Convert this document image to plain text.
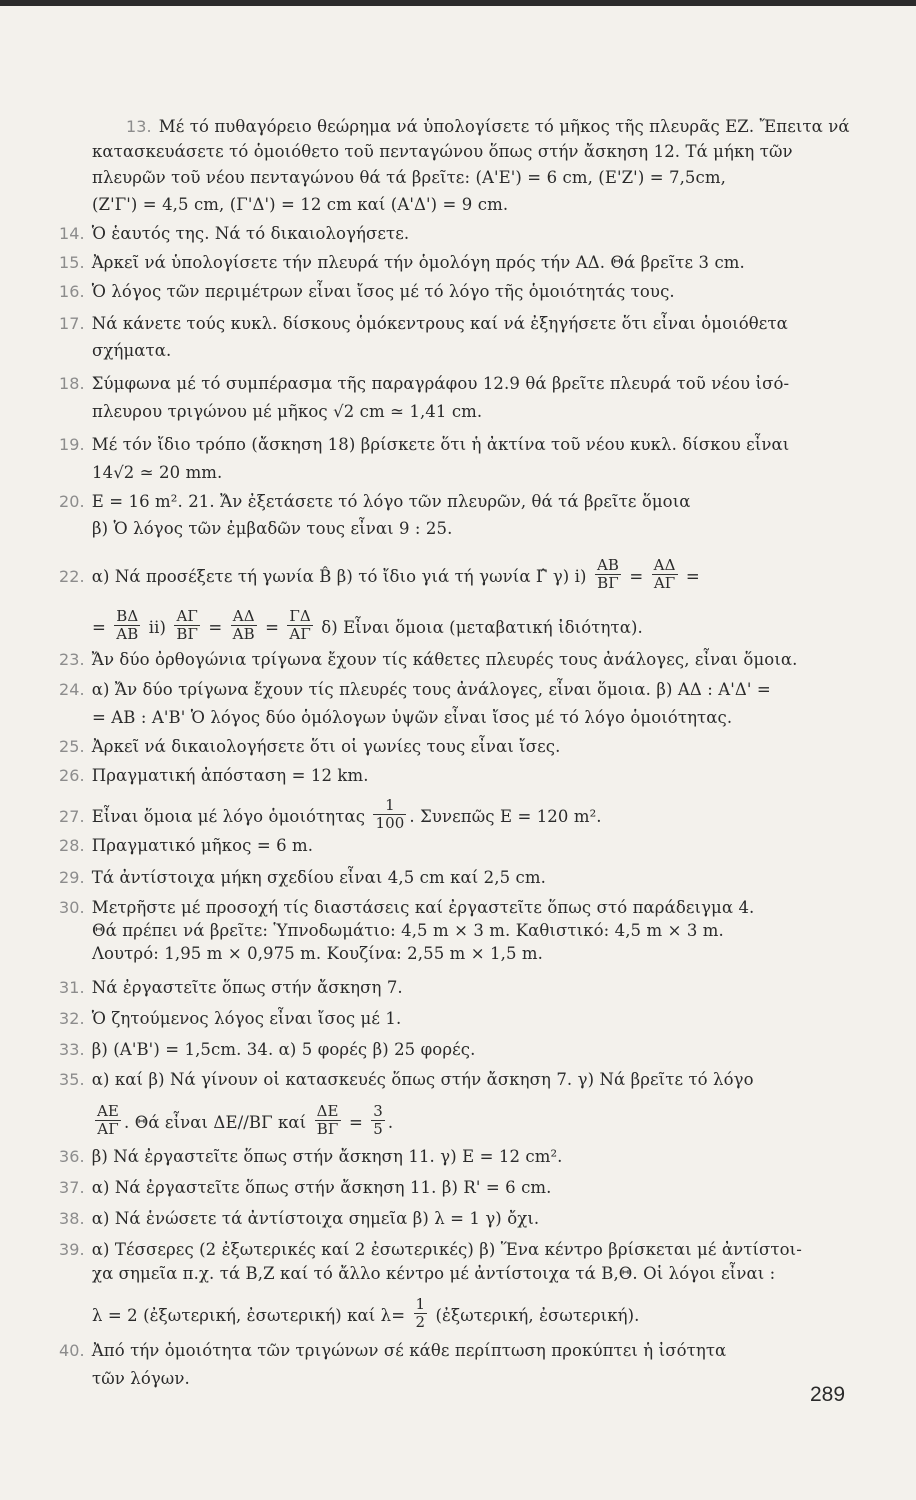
13. Μέ τό πυθαγόρειο θεώρημα νά ὑπολογίσετε τό μῆκος τῆς πλευρᾶς ΕΖ. Ἔπειτα νά
κατασκευάσετε τό ὁμοιόθετο τοῦ πενταγώνου ὅπως στήν ἄσκηση 12. Τά μήκη τῶν
πλευρῶν τοῦ νέου πενταγώνου θά τά βρεῖτε: (Α'Ε') = 6 cm, (Ε'Ζ') = 7,5cm,
(Ζ'Γ') = 4,5 cm, (Γ'Δ') = 12 cm καί (Α'Δ') = 9 cm.
14. Ὁ ἑαυτός της. Νά τό δικαιολογήσετε.
15. Ἀρκεῖ νά ὑπολογίσετε τήν πλευρά τήν ὁμολόγη πρός τήν ΑΔ. Θά βρεῖτε 3 cm.
16. Ὁ λόγος τῶν περιμέτρων εἶναι ἴσος μέ τό λόγο τῆς ὁμοιότητάς τους.
17. Νά κάνετε τούς κυκλ. δίσκους ὁμόκεντρους καί νά ἐξηγήσετε ὅτι εἶναι ὁμοιόθετα
σχήματα.
18. Σύμφωνα μέ τό συμπέρασμα τῆς παραγράφου 12.9 θά βρεῖτε πλευρά τοῦ νέου ἰσό-
πλευρου τριγώνου μέ μῆκος √2 cm ≃ 1,41 cm.
19. Μέ τόν ἴδιο τρόπο (ἄσκηση 18) βρίσκετε ὅτι ἡ ἀκτίνα τοῦ νέου κυκλ. δίσκου εἶναι
14√2 ≃ 20 mm.
20. Ε = 16 m². 21. Ἄν ἐξετάσετε τό λόγο τῶν πλευρῶν, θά τά βρεῖτε ὅμοια
β) Ὁ λόγος τῶν ἐμβαδῶν τους εἶναι 9 : 25.
22. α) Νά προσέξετε τή γωνία B̂ β) τό ἴδιο γιά τή γωνία Γ̂ γ) $i) \frac{AB}{B\Gamma} = \frac{A\Delta}{A\Gamma}$ =
= $\frac{B\Delta}{AB} ii) \frac{A\Gamma}{B\Gamma} = \frac{A\Delta}{AB} = \frac{\Gamma\Delta}{A\Gamma} \delta$) Εἶναι ὅμοια (μεταβατική ἰδιότητα).
23. Ἄν δύο ὀρθογώνια τρίγωνα ἔχουν τίς κάθετες πλευρές τους ἀνάλογες, εἶναι ὅμοια.
24. α) Ἄν δύο τρίγωνα ἔχουν τίς πλευρές τους ἀνάλογες, εἶναι ὅμοια. β) ΑΔ : Α'Δ' =
= ΑΒ : Α'Β' Ὁ λόγος δύο ὁμόλογων ὑψῶν εἶναι ἴσος μέ τό λόγο ὁμοιότητας.
25. Ἀρκεῖ νά δικαιολογήσετε ὅτι οἱ γωνίες τους εἶναι ἴσες.
26. Πραγματική ἀπόσταση = 12 km.
27. Εἶναι ὅμοια μέ λόγο ὁμοιότητας $\frac{1}{100}$ . Συνεπῶς Ε = 120 m².
28. Πραγματικό μῆκος = 6 m.
29. Τά ἀντίστοιχα μήκη σχεδίου εἶναι 4,5 cm καί 2,5 cm.
30. Μετρῆστε μέ προσοχή τίς διαστάσεις καί ἐργαστεῖτε ὅπως στό παράδειγμα 4.
Θά πρέπει νά βρεῖτε: Ὑπνοδωμάτιο: 4,5 m × 3 m. Καθιστικό: 4,5 m × 3 m.
Λουτρό: 1,95 m × 0,975 m. Κουζίνα: 2,55 m × 1,5 m.
31. Νά ἐργαστεῖτε ὅπως στήν ἄσκηση 7.
32. Ὁ ζητούμενος λόγος εἶναι ἴσος μέ 1.
33. β) (Α'Β') = 1,5cm. 34. α) 5 φορές β) 25 φορές.
35. α) καί β) Νά γίνουν οἱ κατασκευές ὅπως στήν ἄσκηση 7. γ) Νά βρεῖτε τό λόγο
$\frac{AE}{A\Gamma}$ . Θά εἶναι ΔΕ//ΒΓ καί $\frac{\Delta E}{B\Gamma} = \frac{3}{5}$ .
36. β) Νά ἐργαστεῖτε ὅπως στήν ἄσκηση 11. γ) Ε = 12 cm².
37. α) Νά ἐργαστεῖτε ὅπως στήν ἄσκηση 11. β) R' = 6 cm.
38. α) Νά ἑνώσετε τά ἀντίστοιχα σημεῖα β) λ = 1 γ) ὄχι.
39. α) Τέσσερες (2 ἐξωτερικές καί 2 ἐσωτερικές) β) Ἕνα κέντρο βρίσκεται μέ ἀντίστοι-
χα σημεῖα π.χ. τά Β,Ζ καί τό ἄλλο κέντρο μέ ἀντίστοιχα τά Β,Θ. Οἱ λόγοι εἶναι :
λ = 2 (ἐξωτερική, ἐσωτερική) καί $\lambda= \frac{1}{2}$ (ἐξωτερική, ἐσωτερική).
40. Ἀπό τήν ὁμοιότητα τῶν τριγώνων σέ κάθε περίπτωση προκύπτει ἡ ἰσότητα
τῶν λόγων.
289
